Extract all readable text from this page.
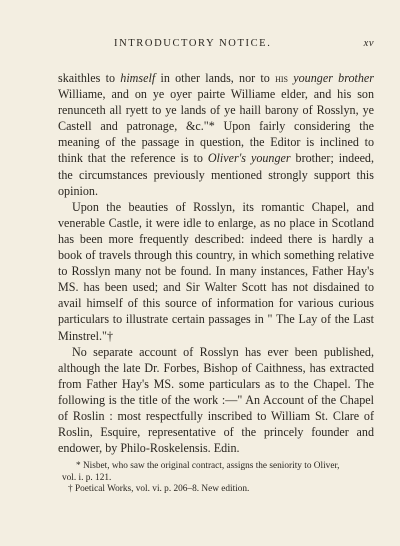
INTRODUCTORY NOTICE.	xv

skaithles to himself in other lands, nor to his younger brother Williame, and on ye oyer pairte Williame elder, and his son renunceth all ryett to ye lands of ye haill barony of Rosslyn, ye Castell and patronage, &c."* Upon fairly considering the meaning of the passage in question, the Editor is inclined to think that the reference is to Oliver's younger brother; indeed, the circumstances previously mentioned strongly support this opinion.

Upon the beauties of Rosslyn, its romantic Chapel, and venerable Castle, it were idle to enlarge, as no place in Scotland has been more frequently described: indeed there is hardly a book of travels through this country, in which something relative to Rosslyn many not be found. In many instances, Father Hay's MS. has been used; and Sir Walter Scott has not disdained to avail himself of this source of information for various curious particulars to illustrate certain passages in " The Lay of the Last Minstrel."†

No separate account of Rosslyn has ever been published, although the late Dr. Forbes, Bishop of Caithness, has extracted from Father Hay's MS. some particulars as to the Chapel. The following is the title of the work :—" An Account of the Chapel of Roslin : most respectfully inscribed to William St. Clare of Roslin, Esquire, representative of the princely founder and endower, by Philo-Roskelensis. Edin.

* Nisbet, who saw the original contract, assigns the seniority to Oliver,

vol. i. p. 121.

† Poetical Works, vol. vi. p. 206–8. New edition.
